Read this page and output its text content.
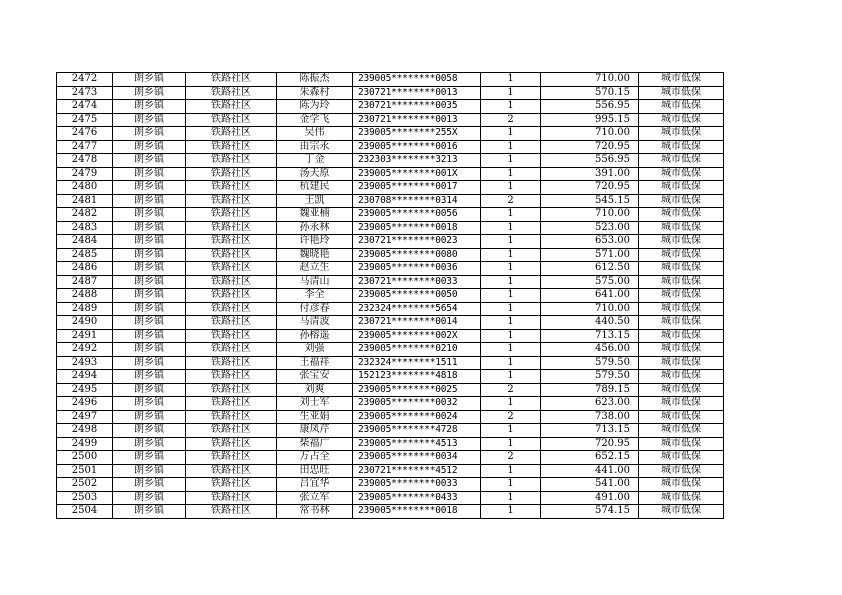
2472	朗乡镇	铁路社区	陈振杰	239005********0058	1	710.00	城市低保
2473	朗乡镇	铁路社区	朱森村	230721********0013	1	570.15	城市低保
2474	朗乡镇	铁路社区	陈为玲	230721********0035	1	556.95	城市低保
2475	朗乡镇	铁路社区	金学飞	230721********0013	2	995.15	城市低保
2476	朗乡镇	铁路社区	吴伟	239005********255X	1	710.00	城市低保
2477	朗乡镇	铁路社区	由宗永	239005********0016	1	720.95	城市低保
2478	朗乡镇	铁路社区	丁金	232303********3213	1	556.95	城市低保
2479	朗乡镇	铁路社区	汤天原	239005********001X	1	391.00	城市低保
2480	朗乡镇	铁路社区	杭建民	239005********0017	1	720.95	城市低保
2481	朗乡镇	铁路社区	王凯	230708********0314	2	545.15	城市低保
2482	朗乡镇	铁路社区	魏亚楠	239005********0056	1	710.00	城市低保
2483	朗乡镇	铁路社区	孙永林	239005********0018	1	523.00	城市低保
2484	朗乡镇	铁路社区	许艳玲	230721********0023	1	653.00	城市低保
2485	朗乡镇	铁路社区	魏晓艳	239005********0080	1	571.00	城市低保
2486	朗乡镇	铁路社区	赵立生	239005********0036	1	612.50	城市低保
2487	朗乡镇	铁路社区	马清山	230721********0033	1	575.00	城市低保
2488	朗乡镇	铁路社区	李全	239005********0050	1	641.00	城市低保
2489	朗乡镇	铁路社区	付彦春	232324********5654	1	710.00	城市低保
2490	朗乡镇	铁路社区	马清波	230721********0014	1	440.50	城市低保
2491	朗乡镇	铁路社区	孙榕遥	239005********002X	1	713.15	城市低保
2492	朗乡镇	铁路社区	刘强	239005********0210	1	456.00	城市低保
2493	朗乡镇	铁路社区	王福祥	232324********1511	1	579.50	城市低保
2494	朗乡镇	铁路社区	张宝安	152123********4818	1	579.50	城市低保
2495	朗乡镇	铁路社区	刘爽	239005********0025	2	789.15	城市低保
2496	朗乡镇	铁路社区	刘士军	239005********0032	1	623.00	城市低保
2497	朗乡镇	铁路社区	生亚娟	239005********0024	2	738.00	城市低保
2498	朗乡镇	铁路社区	康凤芹	239005********4728	1	713.15	城市低保
2499	朗乡镇	铁路社区	柴福广	239005********4513	1	720.95	城市低保
2500	朗乡镇	铁路社区	万占全	239005********0034	2	652.15	城市低保
2501	朗乡镇	铁路社区	田忠旺	230721********4512	1	441.00	城市低保
2502	朗乡镇	铁路社区	吕宜华	239005********0033	1	541.00	城市低保
2503	朗乡镇	铁路社区	张立军	239005********0433	1	491.00	城市低保
2504	朗乡镇	铁路社区	常书林	239005********0018	1	574.15	城市低保
